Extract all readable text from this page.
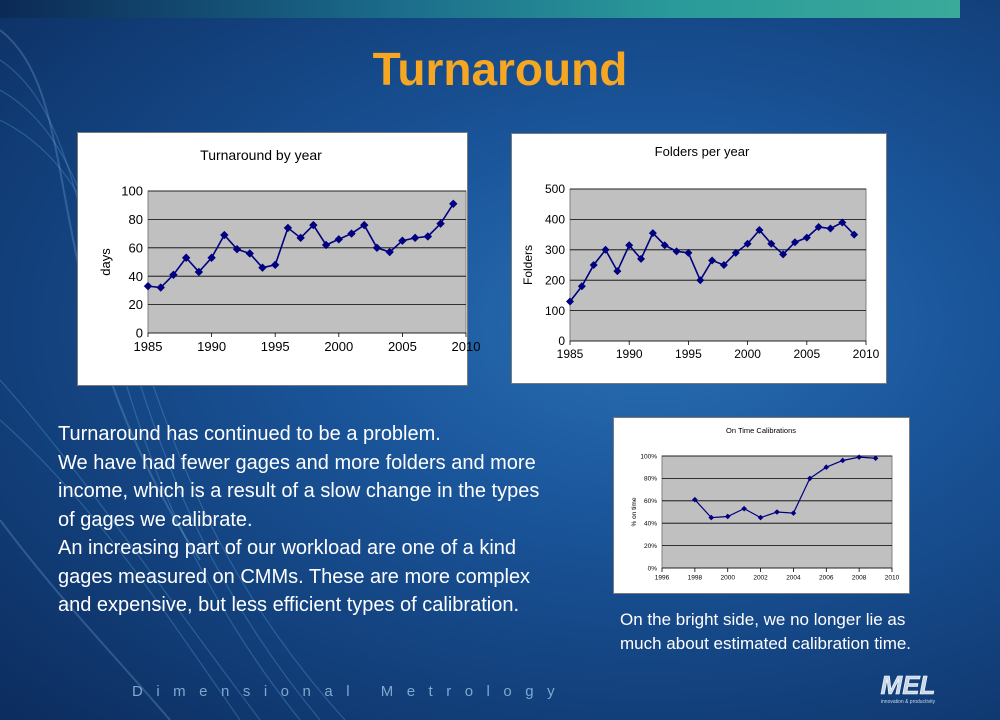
Turnaround
Turnaround by year
0
20
40
60
80
100
1985	1990	1995	2000	2005	2010
days
Folders per year
0
100
200
300
400
500
1985	1990	1995	2000	2005	2010
Folders
On Time Calibrations
0%
20%
40%
60%
80%
100%
1996	1998	2000	2002	2004	2006	2008	2010
% on time

Turnaround has continued to be a problem.

We have had fewer gages and more folders and more income, which is a result of a slow change in the types of gages we calibrate.

An increasing part of our workload are one of a kind gages measured on CMMs. These are more complex and expensive, but less efficient types of calibration.

On the bright side, we no longer lie as much about estimated calibration time.
Dimensional Metrology	MEL
innovation & productivity
